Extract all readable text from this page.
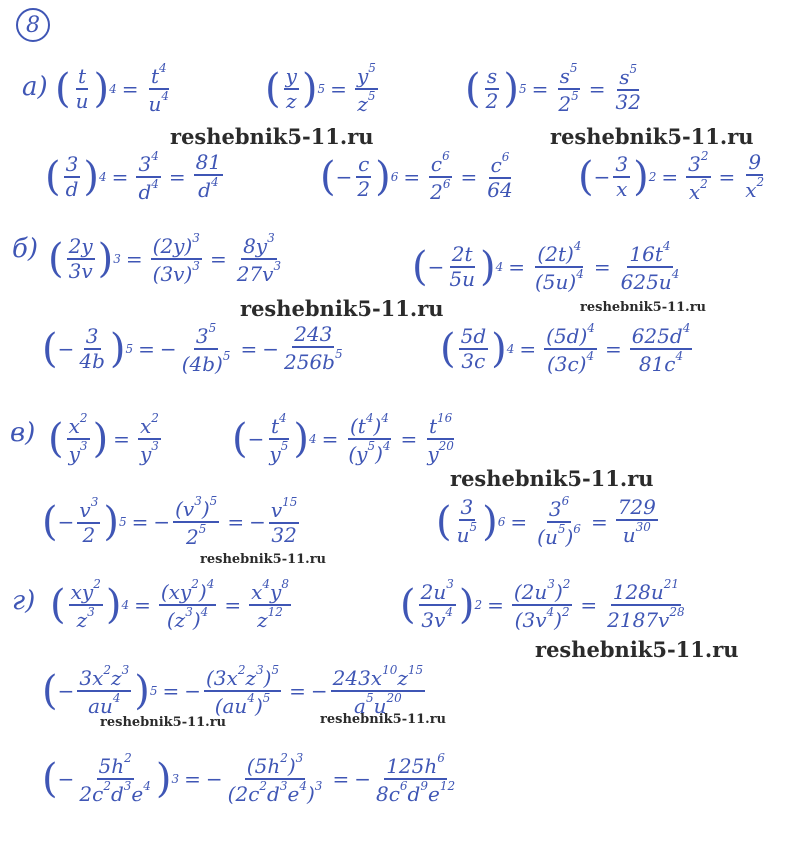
8
а)
б)
в)
г)
( $\frac{t}{u}$ ) $4 = \frac{t^4}{u^4}$ ( $\frac{y}{z}$ ) $5 = \frac{y^5}{z^5}$ ( $\frac{s}{2}$ ) $5 = \frac{s^5}{2^5} = \frac{s^5}{32}$
( $\frac{3}{d}$ ) $4 = \frac{3^4}{d^4} = \frac{81}{d^4}$ ( − $\frac{c}{2}$ ) $6 = \frac{c^6}{2^6} = \frac{c^6}{64}$ ( − $\frac{3}{x}$ ) $2 = \frac{3^2}{x^2} = \frac{9}{x^2}$
( $\frac{2y}{3v}$ ) $3 = \frac{(2y)^3}{(3v)^3} = \frac{8y^3}{27v^3}$	( − $\frac{2t}{5u}$ ) $4 = \frac{(2t)^4}{(5u)^4} = \frac{16t^4}{625u^4}$
( − $\frac{3}{4b}$ ) 5 = − $\frac{3^5}{(4b)^5}$ = − $\frac{243}{256b^5}$ ( $\frac{5d}{3c}$ ) $4 = \frac{(5d)^4}{(3c)^4} = \frac{625d^4}{81c^4}$
( $\frac{x^2}{y^3}$ ) = $\frac{x^2}{y^3}$ ( − $\frac{t^4}{y^5}$ ) $4 = \frac{(t^4)^4}{(y^5)^4} = \frac{t^{16}}{y^{20}}$
( − $\frac{v^3}{2}$ ) 5 = − $\frac{(v^3)^5}{2^5}$ = − $\frac{v^{15}}{32}$	( $\frac{3}{u^5}$ ) $6 = \frac{3^6}{(u^5)^6} = \frac{729}{u^{30}}$
( $\frac{xy^2}{z^3}$ ) $4 = \frac{(xy^2)^4}{(z^3)^4} = \frac{x^4y^8}{z^{12}}$	( $\frac{2u^3}{3v^4}$ ) $2 = \frac{(2u^3)^2}{(3v^4)^2} = \frac{128u^{21}}{2187v^{28}}$
( − $\frac{3x^2z^3}{au^4}$ ) 5 = − $\frac{(3x^2z^3)^5}{(au^4)^5}$ = − $\frac{243x^{10}z^{15}}{a^5u^{20}}$
( − $\frac{5h^2}{2c^2d^3e^4}$ ) 3 = − $\frac{(5h^2)^3}{(2c^2d^3e^4)^3}$ = − $\frac{125h^6}{8c^6d^9e^{12}}$
reshebnik5-11.ru	reshebnik5-11.ru
reshebnik5-11.ru	reshebnik5-11.ru
reshebnik5-11.ru
reshebnik5-11.ru
reshebnik5-11.ru
reshebnik5-11.ru	reshebnik5-11.ru
